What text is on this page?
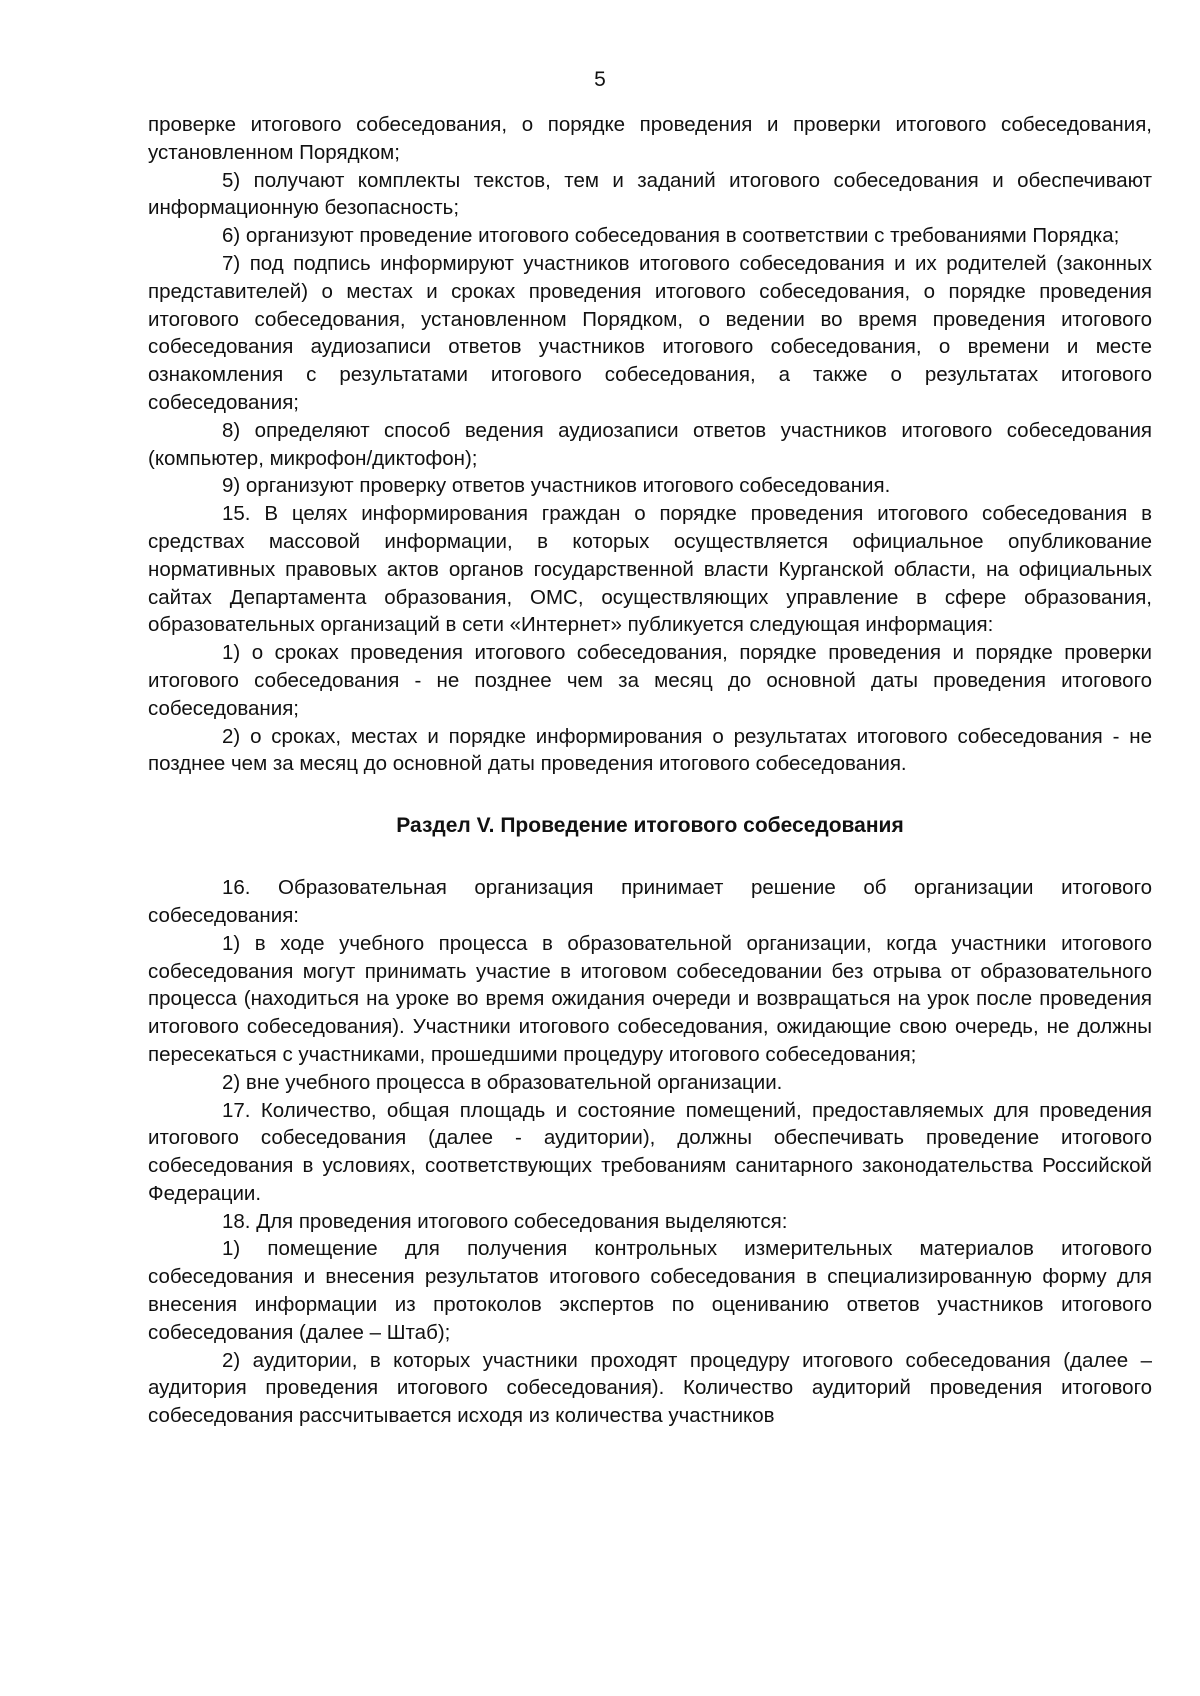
5

проверке итогового собеседования, о порядке проведения и проверки итогового собеседования, установленном Порядком;

5) получают комплекты текстов, тем и заданий итогового собеседования и обеспечивают информационную безопасность;

6) организуют проведение итогового собеседования в соответствии с требованиями Порядка;

7) под подпись информируют участников итогового собеседования и их родителей (законных представителей) о местах и сроках проведения итогового собеседования, о порядке проведения итогового собеседования, установленном Порядком, о ведении во время проведения итогового собеседования аудиозаписи ответов участников итогового собеседования, о времени и месте ознакомления с результатами итогового собеседования, а также о результатах итогового собеседования;

8) определяют способ ведения аудиозаписи ответов участников итогового собеседования (компьютер, микрофон/диктофон);

9) организуют проверку ответов участников итогового собеседования.

15. В целях информирования граждан о порядке проведения итогового собеседования в средствах массовой информации, в которых осуществляется официальное опубликование нормативных правовых актов органов государственной власти Курганской области, на официальных сайтах Департамента образования, ОМС, осуществляющих управление в сфере образования, образовательных организаций в сети «Интернет» публикуется следующая информация:

1) о сроках проведения итогового собеседования, порядке проведения и порядке проверки итогового собеседования - не позднее чем за месяц до основной даты проведения итогового собеседования;

2) о сроках, местах и порядке информирования о результатах итогового собеседования - не позднее чем за месяц до основной даты проведения итогового собеседования.

Раздел V. Проведение итогового собеседования

16. Образовательная организация принимает решение об организации итогового собеседования:

1) в ходе учебного процесса в образовательной организации, когда участники итогового собеседования могут принимать участие в итоговом собеседовании без отрыва от образовательного процесса (находиться на уроке во время ожидания очереди и возвращаться на урок после проведения итогового собеседования). Участники итогового собеседования, ожидающие свою очередь, не должны пересекаться с участниками, прошедшими процедуру итогового собеседования;

2) вне учебного процесса в образовательной организации.

17. Количество, общая площадь и состояние помещений, предоставляемых для проведения итогового собеседования (далее - аудитории), должны обеспечивать проведение итогового собеседования в условиях, соответствующих требованиям санитарного законодательства Российской Федерации.

18. Для проведения итогового собеседования выделяются:

1) помещение для получения контрольных измерительных материалов итогового собеседования и внесения результатов итогового собеседования в специализированную форму для внесения информации из протоколов экспертов по оцениванию ответов участников итогового собеседования (далее – Штаб);

2) аудитории, в которых участники проходят процедуру итогового собеседования (далее – аудитория проведения итогового собеседования). Количество аудиторий проведения итогового собеседования рассчитывается исходя из количества участников
